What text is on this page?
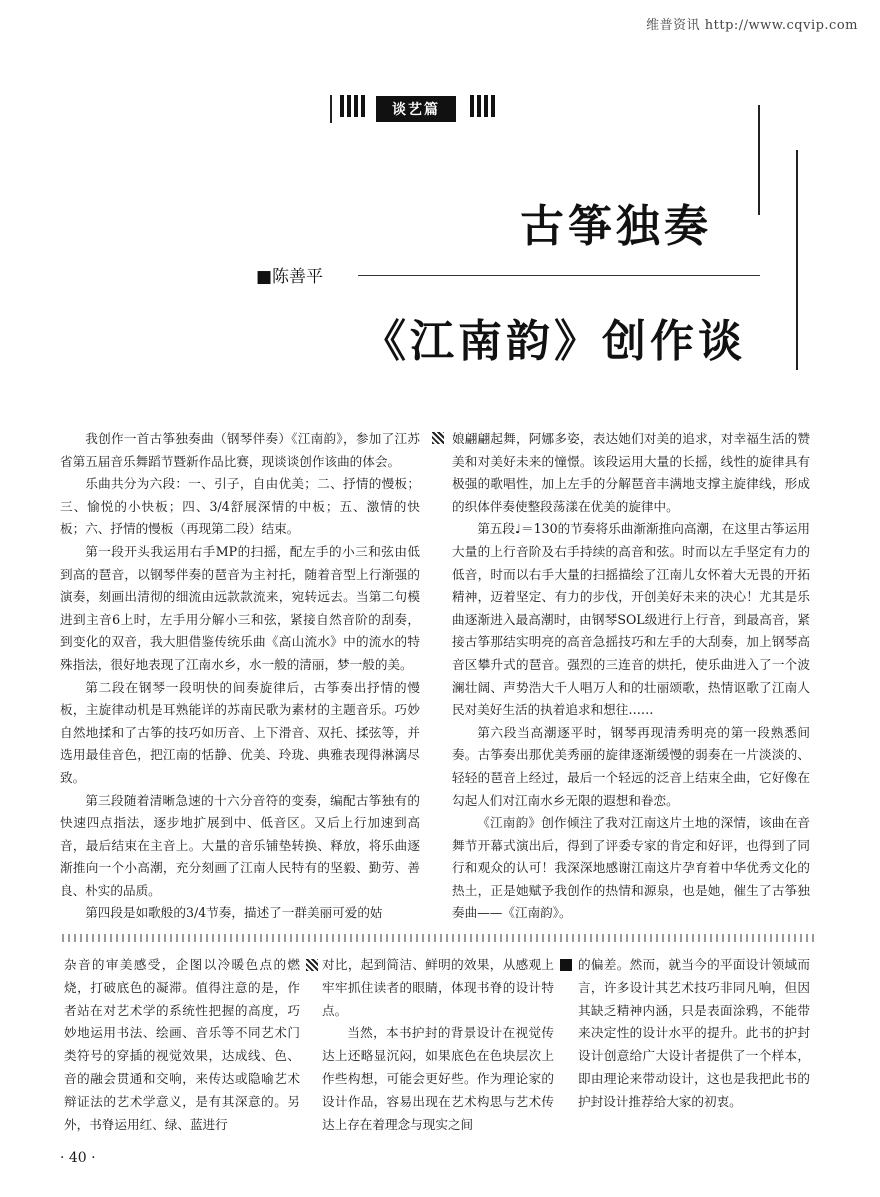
维普资讯 http://www.cqvip.com
谈艺篇
古筝独奏
■陈善平
《江南韵》创作谈

我创作一首古筝独奏曲（钢琴伴奏）《江南韵》，参加了江苏省第五届音乐舞蹈节暨新作品比赛，现谈谈创作该曲的体会。

乐曲共分为六段：一、引子，自由优美；二、抒情的慢板；三、愉悦的小快板；四、3/4舒展深情的中板；五、激情的快板；六、抒情的慢板（再现第二段）结束。

第一段开头我运用右手MP的扫摇，配左手的小三和弦由低到高的琶音，以钢琴伴奏的琶音为主衬托，随着音型上行渐强的演奏，刻画出清彻的细流由远款款流来，宛转远去。当第二句模进到主音6上时，左手用分解小三和弦，紧接自然音阶的刮奏，到变化的双音，我大胆借鉴传统乐曲《高山流水》中的流水的特殊指法，很好地表现了江南水乡，水一般的清丽，梦一般的美。

第二段在钢琴一段明快的间奏旋律后，古筝奏出抒情的慢板，主旋律动机是耳熟能详的苏南民歌为素材的主题音乐。巧妙自然地揉和了古筝的技巧如历音、上下滑音、双托、揉弦等，并选用最佳音色，把江南的恬静、优美、玲珑、典雅表现得淋漓尽致。

第三段随着清晰急速的十六分音符的变奏，编配古筝独有的快速四点指法，逐步地扩展到中、低音区。又后上行加速到高音，最后结束在主音上。大量的音乐铺垫转换、释放，将乐曲逐渐推向一个小高潮，充分刻画了江南人民特有的坚毅、勤劳、善良、朴实的品质。

第四段是如歌般的3/4节奏，描述了一群美丽可爱的姑

娘翩翩起舞，阿娜多姿，表达她们对美的追求，对幸福生活的赞美和对美好未来的憧憬。该段运用大量的长摇，线性的旋律具有极强的歌唱性，加上左手的分解琶音丰满地支撑主旋律线，形成的织体伴奏使整段荡漾在优美的旋律中。

第五段♩＝130的节奏将乐曲渐渐推向高潮，在这里古筝运用大量的上行音阶及右手持续的高音和弦。时而以左手坚定有力的低音，时而以右手大量的扫摇描绘了江南儿女怀着大无畏的开拓精神，迈着坚定、有力的步伐，开创美好未来的决心！尤其是乐曲逐渐进入最高潮时，由钢琴SOL级进行上行音，到最高音，紧接古筝那结实明亮的高音急摇技巧和左手的大刮奏，加上钢琴高音区攀升式的琶音。强烈的三连音的烘托，使乐曲进入了一个波澜壮阔、声势浩大千人唱万人和的壮丽颂歌，热情讴歌了江南人民对美好生活的执着追求和想往……

第六段当高潮逐平时，钢琴再现清秀明亮的第一段熟悉间奏。古筝奏出那优美秀丽的旋律逐渐缓慢的弱奏在一片淡淡的、轻轻的琶音上经过，最后一个轻远的泛音上结束全曲，它好像在勾起人们对江南水乡无限的遐想和眷恋。

《江南韵》创作倾注了我对江南这片土地的深情，该曲在音舞节开幕式演出后，得到了评委专家的肯定和好评，也得到了同行和观众的认可！我深深地感谢江南这片孕育着中华优秀文化的热土，正是她赋予我创作的热情和源泉，也是她，催生了古筝独奏曲——《江南韵》。

杂音的审美感受，企图以冷暖色点的燃烧，打破底色的凝滞。值得注意的是，作者站在对艺术学的系统性把握的高度，巧妙地运用书法、绘画、音乐等不同艺术门类符号的穿插的视觉效果，达成线、色、音的融会贯通和交响，来传达或隐喻艺术辩证法的艺术学意义，是有其深意的。另外，书脊运用红、绿、蓝进行

对比，起到简洁、鲜明的效果，从感观上牢牢抓住读者的眼睛，体现书脊的设计特点。

当然，本书护封的背景设计在视觉传达上还略显沉闷，如果底色在色块层次上作些构想，可能会更好些。作为理论家的设计作品，容易出现在艺术构思与艺术传达上存在着理念与现实之间

的偏差。然而，就当今的平面设计领域而言，许多设计其艺术技巧非同凡响，但因其缺乏精神内涵，只是表面涂鸦，不能带来决定性的设计水平的提升。此书的护封设计创意给广大设计者提供了一个样本，即由理论来带动设计，这也是我把此书的护封设计推荐给大家的初衷。

· 40 ·
